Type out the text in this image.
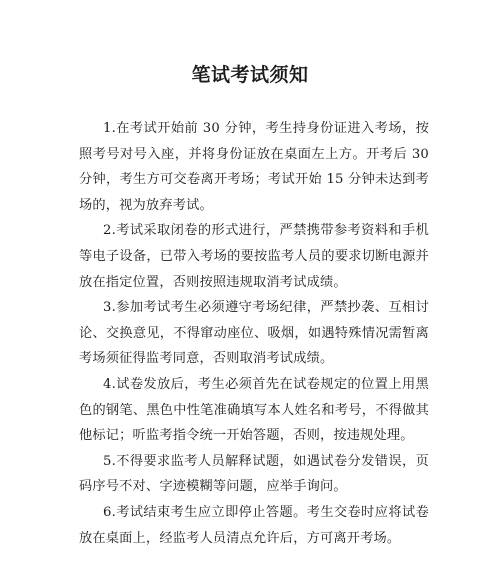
笔试考试须知

1.在考试开始前 30 分钟，考生持身份证进入考场，按照考号对号入座，并将身份证放在桌面左上方。开考后 30 分钟，考生方可交卷离开考场；考试开始 15 分钟未达到考场的，视为放弃考试。

2.考试采取闭卷的形式进行，严禁携带参考资料和手机等电子设备，已带入考场的要按监考人员的要求切断电源并放在指定位置，否则按照违规取消考试成绩。

3.参加考试考生必须遵守考场纪律，严禁抄袭、互相讨论、交换意见，不得窜动座位、吸烟，如遇特殊情况需暂离考场须征得监考同意，否则取消考试成绩。

4.试卷发放后，考生必须首先在试卷规定的位置上用黑色的钢笔、黑色中性笔准确填写本人姓名和考号，不得做其他标记；听监考指令统一开始答题，否则，按违规处理。

5.不得要求监考人员解释试题，如遇试卷分发错误，页码序号不对、字迹模糊等问题，应举手询问。

6.考试结束考生应立即停止答题。考生交卷时应将试卷放在桌面上，经监考人员清点允许后，方可离开考场。
